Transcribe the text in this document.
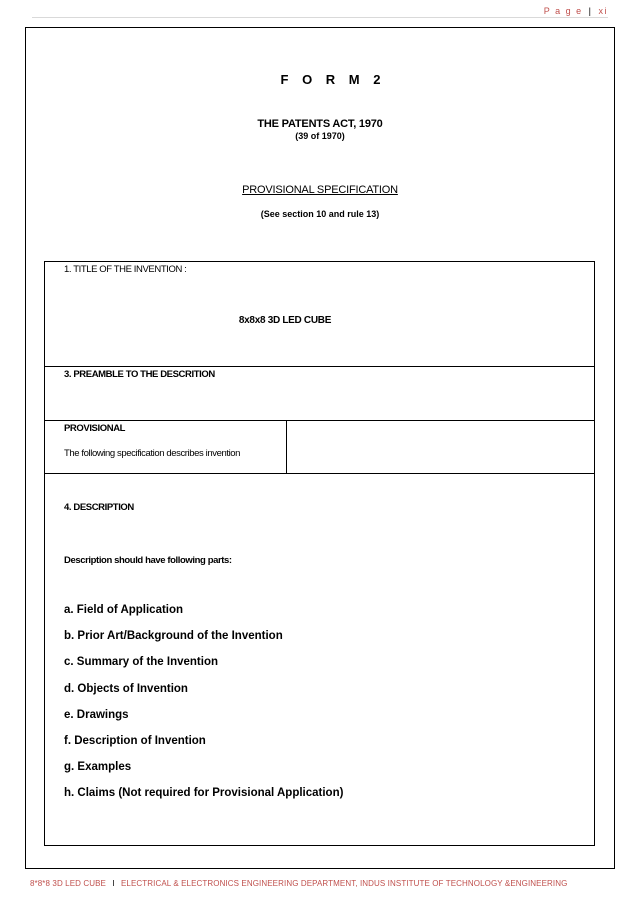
P a g e | xi
F O R M 2
THE PATENTS ACT, 1970
(39 of 1970)
PROVISIONAL SPECIFICATION
(See section 10 and rule 13)
1. TITLE OF THE INVENTION :
8x8x8 3D LED CUBE
3. PREAMBLE TO THE DESCRITION
PROVISIONAL
The following specification describes invention
4. DESCRIPTION
Description should have following parts:
a. Field of Application
b. Prior Art/Background of the Invention
c. Summary of the Invention
d. Objects of Invention
e. Drawings
f. Description of Invention
g. Examples
h. Claims (Not required for Provisional Application)
8*8*8 3D LED CUBE I ELECTRICAL & ELECTRONICS ENGINEERING DEPARTMENT, INDUS INSTITUTE OF TECHNOLOGY &ENGINEERING
